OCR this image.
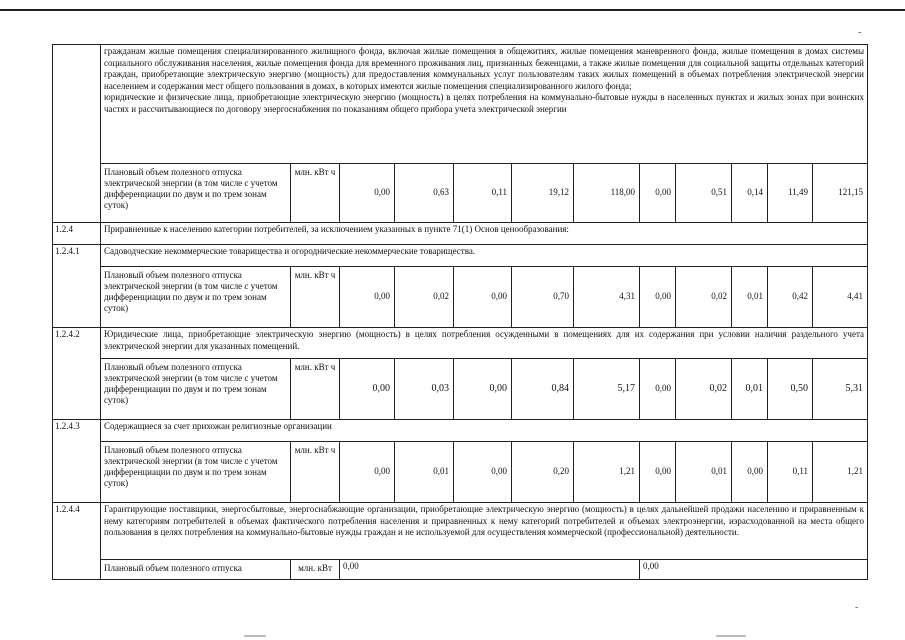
-
-

	гражданам жилые помещения специализированного жилищного фонда, включая жилые помещения в общежитиях, жилые помещения маневренного фонда, жилые помещения в домах системы социального обслуживания населения, жилые помещения фонда для временного проживания лиц, признанных беженцами, а также жилые помещения для социальной защиты отдельных категорий граждан, приобретающие электрическую энергию (мощность) для предоставления коммунальных услуг пользователям таких жилых помещений в объемах потребления электрической энергии населением и содержания мест общего пользования в домах, в которых имеются жилые помещения специализированного жилого фонда;
юридические и физические лица, приобретающие электрическую энергию (мощность) в целях потребления на коммунально-бытовые нужды в населенных пунктах и жилых зонах при воинских частях и рассчитывающиеся по договору энергоснабжения по показаниям общего прибора учета электрической энергии											

	Плановый объем полезного отпуска электрической энергии (в том числе с учетом дифференциации по двум и по трем зонам суток)	млн. кВт ч	0,00	0,63	0,11	19,12	118,00	0,00	0,51	0,14	11,49	121,15
1.2.4	Приравненные к населению категории потребителей, за исключением указанных в пункте 71(1) Основ ценообразования:											
1.2.4.1	Садоводческие некоммерческие товарищества и огороднические некоммерческие товарищества.											
	Плановый объем полезного отпуска электрической энергии (в том числе с учетом дифференциации по двум и по трем зонам суток)	млн. кВт ч	0,00	0,02	0,00	0,70	4,31	0,00	0,02	0,01	0,42	4,41
1.2.4.2	Юридические лица, приобретающие электрическую энергию (мощность) в целях потребления осужденными в помещениях для их содержания при условии наличия раздельного учета электрической энергии для указанных помещений.											
	Плановый объем полезного отпуска электрической энергии (в том числе с учетом дифференциации по двум и по трем зонам суток)	млн. кВт ч	0,00	0,03	0,00	0,84	5,17	0,00	0,02	0,01	0,50	5,31
1.2.4.3	Содержащиеся за счет прихожан религиозные организации											
	Плановый объем полезного отпуска электрической энергии (в том числе с учетом дифференциации по двум и по трем зонам суток)	млн. кВт ч	0,00	0,01	0,00	0,20	1,21	0,00	0,01	0,00	0,11	1,21
1.2.4.4	Гарантирующие поставщики, энергосбытовые, энергоснабжающие организации, приобретающие электрическую энергию (мощность) в целях дальнейшей продажи населению и приравненным к нему категориям потребителей в объемах фактического потребления населения и приравненных к нему категорий потребителей и объемах электроэнергии, израсходованной на места общего пользования в целях потребления на коммунально-бытовые нужды граждан и не используемой для осуществления коммерческой (профессиональной) деятельности.											
	Плановый объем полезного отпуска	млн. кВт	0,00					0,00				
